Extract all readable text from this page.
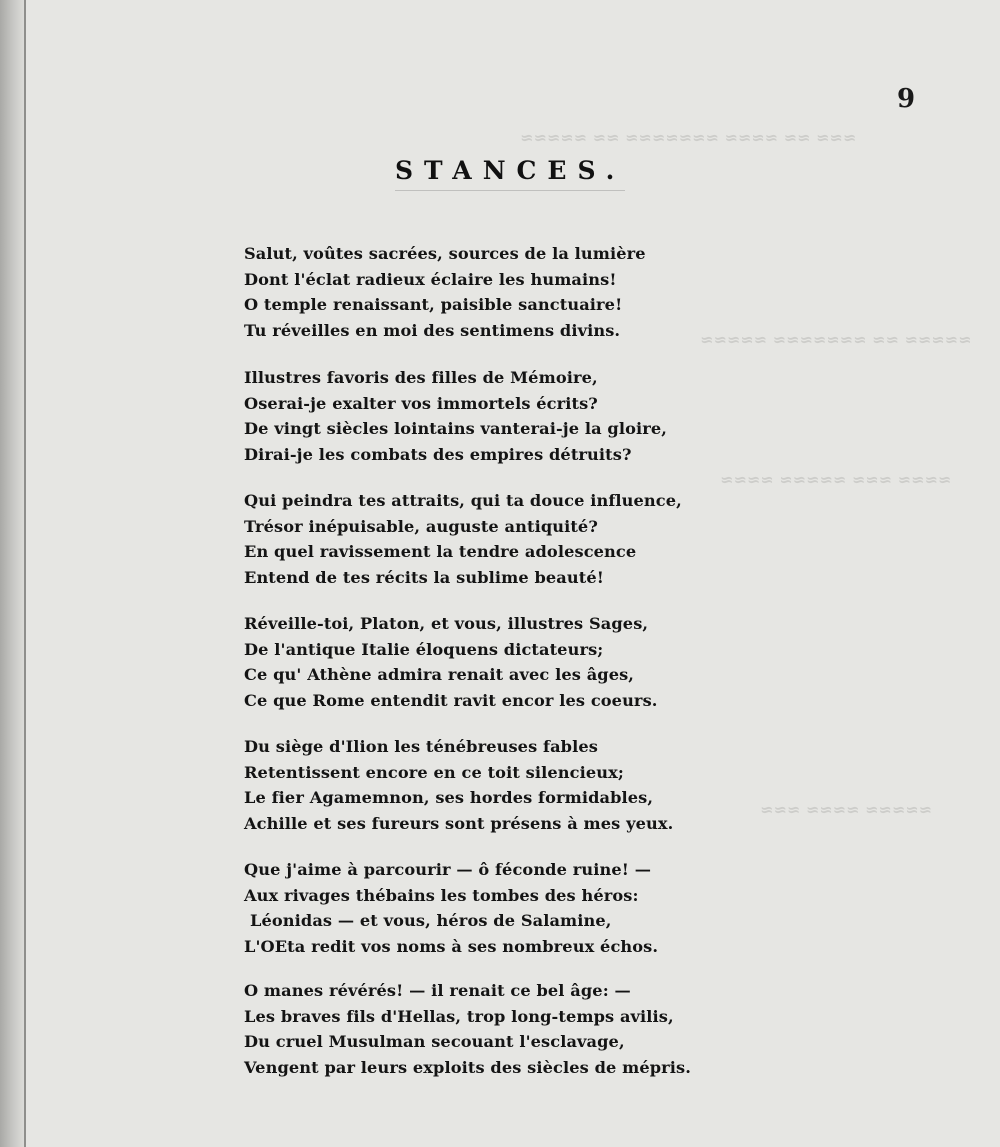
≈≈≈ ≈≈ ≈≈≈≈ ≈≈≈≈≈≈≈ ≈≈ ≈≈≈≈≈
≈≈≈≈≈ ≈≈ ≈≈≈≈≈≈≈ ≈≈≈≈≈
≈≈≈≈ ≈≈≈ ≈≈≈≈≈ ≈≈≈≈
≈≈≈≈≈ ≈≈≈≈ ≈≈≈
9
STANCES.
Salut, voûtes sacrées, sources de la lumière
Dont l'éclat radieux éclaire les humains!
O temple renaissant, paisible sanctuaire!
Tu réveilles en moi des sentimens divins.
Illustres favoris des filles de Mémoire,
Oserai-je exalter vos immortels écrits?
De vingt siècles lointains vanterai-je la gloire,
Dirai-je les combats des empires détruits?
Qui peindra tes attraits, qui ta douce influence,
Trésor inépuisable, auguste antiquité?
En quel ravissement la tendre adolescence
Entend de tes récits la sublime beauté!
Réveille-toi, Platon, et vous, illustres Sages,
De l'antique Italie éloquens dictateurs;
Ce qu' Athène admira renait avec les âges,
Ce que Rome entendit ravit encor les coeurs.
Du siège d'Ilion les ténébreuses fables
Retentissent encore en ce toit silencieux;
Le fier Agamemnon, ses hordes formidables,
Achille et ses fureurs sont présens à mes yeux.
Que j'aime à parcourir — ô féconde ruine! —
Aux rivages thébains les tombes des héros:
Léonidas — et vous, héros de Salamine,
L'OEta redit vos noms à ses nombreux échos.
O manes révérés! — il renait ce bel âge: —
Les braves fils d'Hellas, trop long-temps avilis,
Du cruel Musulman secouant l'esclavage,
Vengent par leurs exploits des siècles de mépris.
